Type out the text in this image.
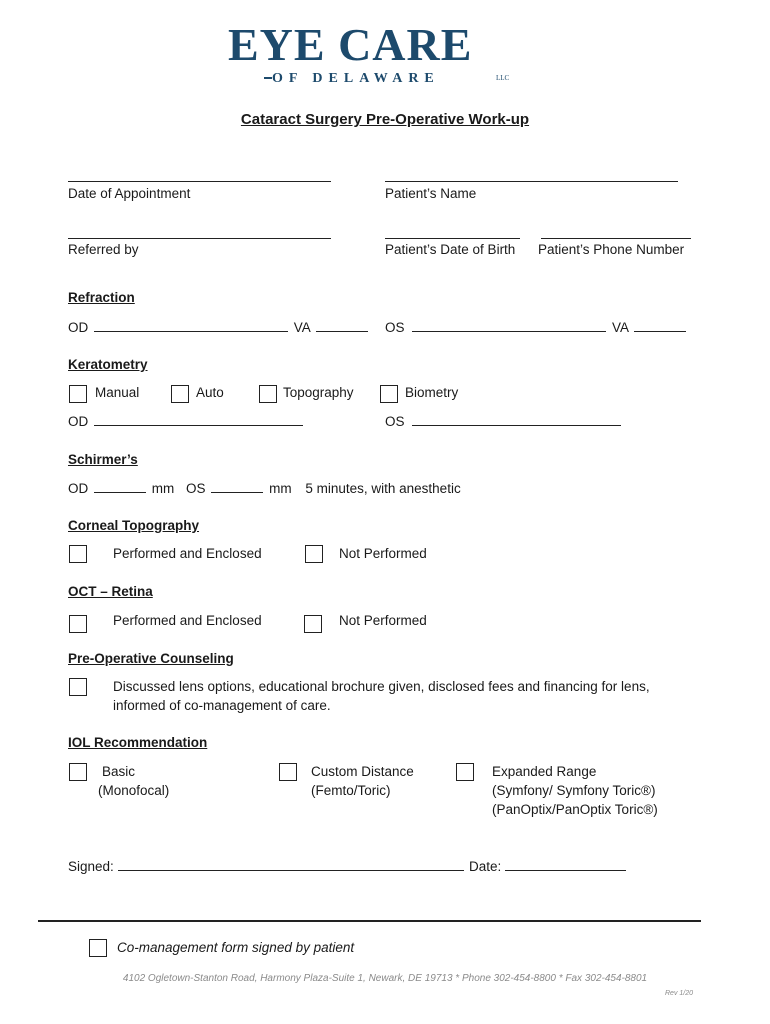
EYE CARE
OF DELAWARE	LLC
Cataract Surgery Pre-Operative Work-up
Date of Appointment	Patient’s Name
Referred by	Patient’s Date of Birth Patient’s Phone Number
Refraction
OD	VA	OS	VA
Keratometry
Manual	Auto	Topography	Biometry
OD	OS
Schirmer’s
OD	mm OS	mm 5 minutes, with anesthetic
Corneal Topography
Performed and Enclosed	Not Performed
OCT – Retina
Performed and Enclosed	Not Performed
Pre-Operative Counseling
Discussed lens options, educational brochure given, disclosed fees and financing for lens,
informed of co-management of care.
IOL Recommendation
Basic
(Monofocal)
Custom Distance
(Femto/Toric)
Expanded Range
(Symfony/ Symfony Toric®)
(PanOptix/PanOptix Toric®)
Signed:	Date:
Co-management form signed by patient
4102 Ogletown-Stanton Road, Harmony Plaza-Suite 1, Newark, DE 19713 * Phone 302-454-8800 * Fax 302-454-8801
Rev 1/20
